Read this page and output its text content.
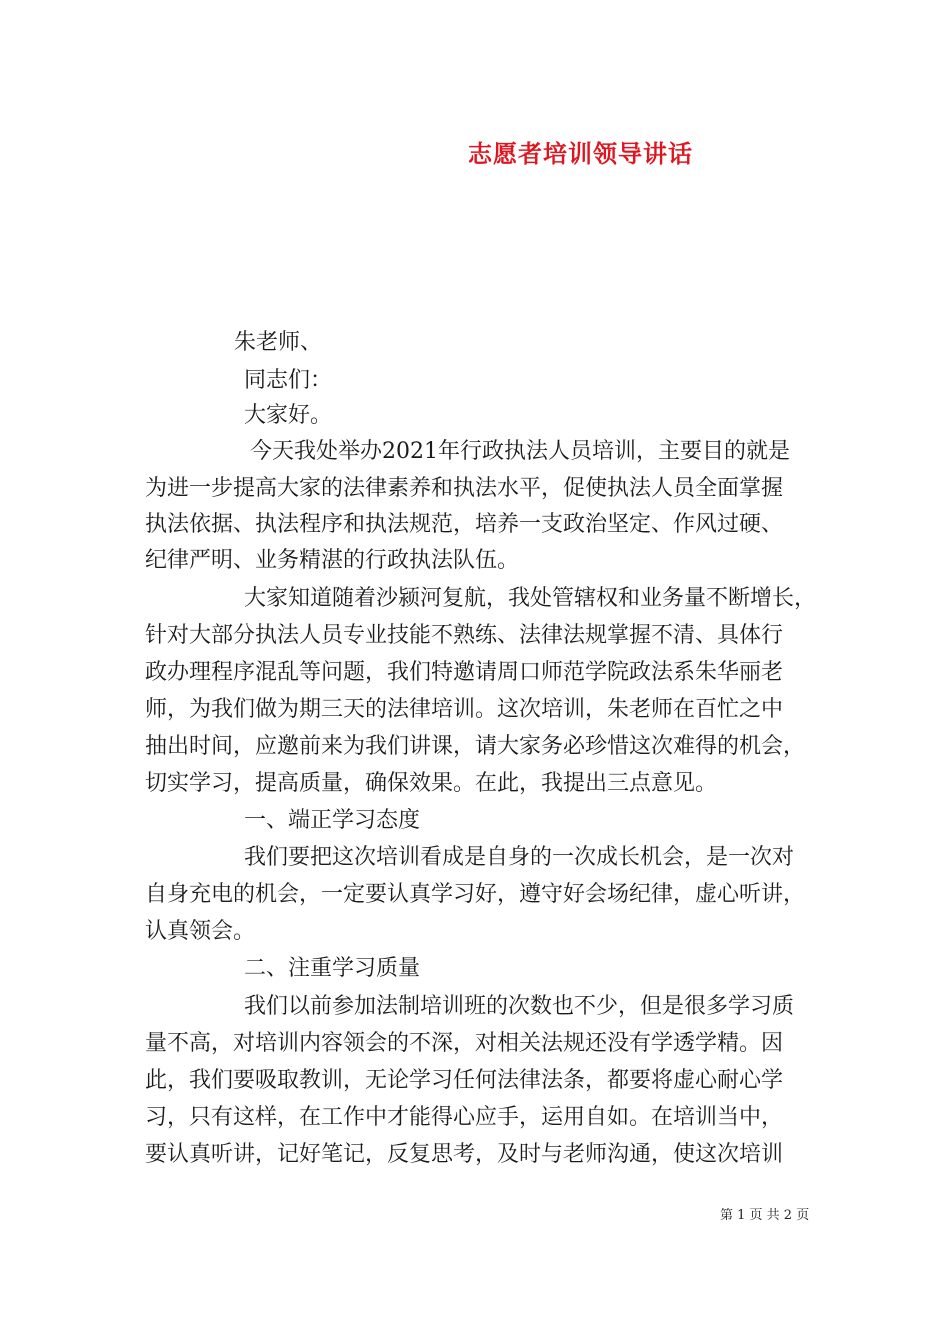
志愿者培训领导讲话
朱老师、
同志们：
大家好。
今天我处举办2021年行政执法人员培训，主要目的就是
为进一步提高大家的法律素养和执法水平，促使执法人员全面掌握
执法依据、执法程序和执法规范，培养一支政治坚定、作风过硬、
纪律严明、业务精湛的行政执法队伍。
大家知道随着沙颍河复航，我处管辖权和业务量不断增长，
针对大部分执法人员专业技能不熟练、法律法规掌握不清、具体行
政办理程序混乱等问题，我们特邀请周口师范学院政法系朱华丽老
师，为我们做为期三天的法律培训。这次培训，朱老师在百忙之中
抽出时间，应邀前来为我们讲课，请大家务必珍惜这次难得的机会，
切实学习，提高质量，确保效果。在此，我提出三点意见。
一、端正学习态度
我们要把这次培训看成是自身的一次成长机会，是一次对
自身充电的机会，一定要认真学习好，遵守好会场纪律，虚心听讲，
认真领会。
二、注重学习质量
我们以前参加法制培训班的次数也不少，但是很多学习质
量不高，对培训内容领会的不深，对相关法规还没有学透学精。因
此，我们要吸取教训，无论学习任何法律法条，都要将虚心耐心学
习，只有这样，在工作中才能得心应手，运用自如。在培训当中，
要认真听讲，记好笔记，反复思考，及时与老师沟通，使这次培训
第 1 页 共 2 页
